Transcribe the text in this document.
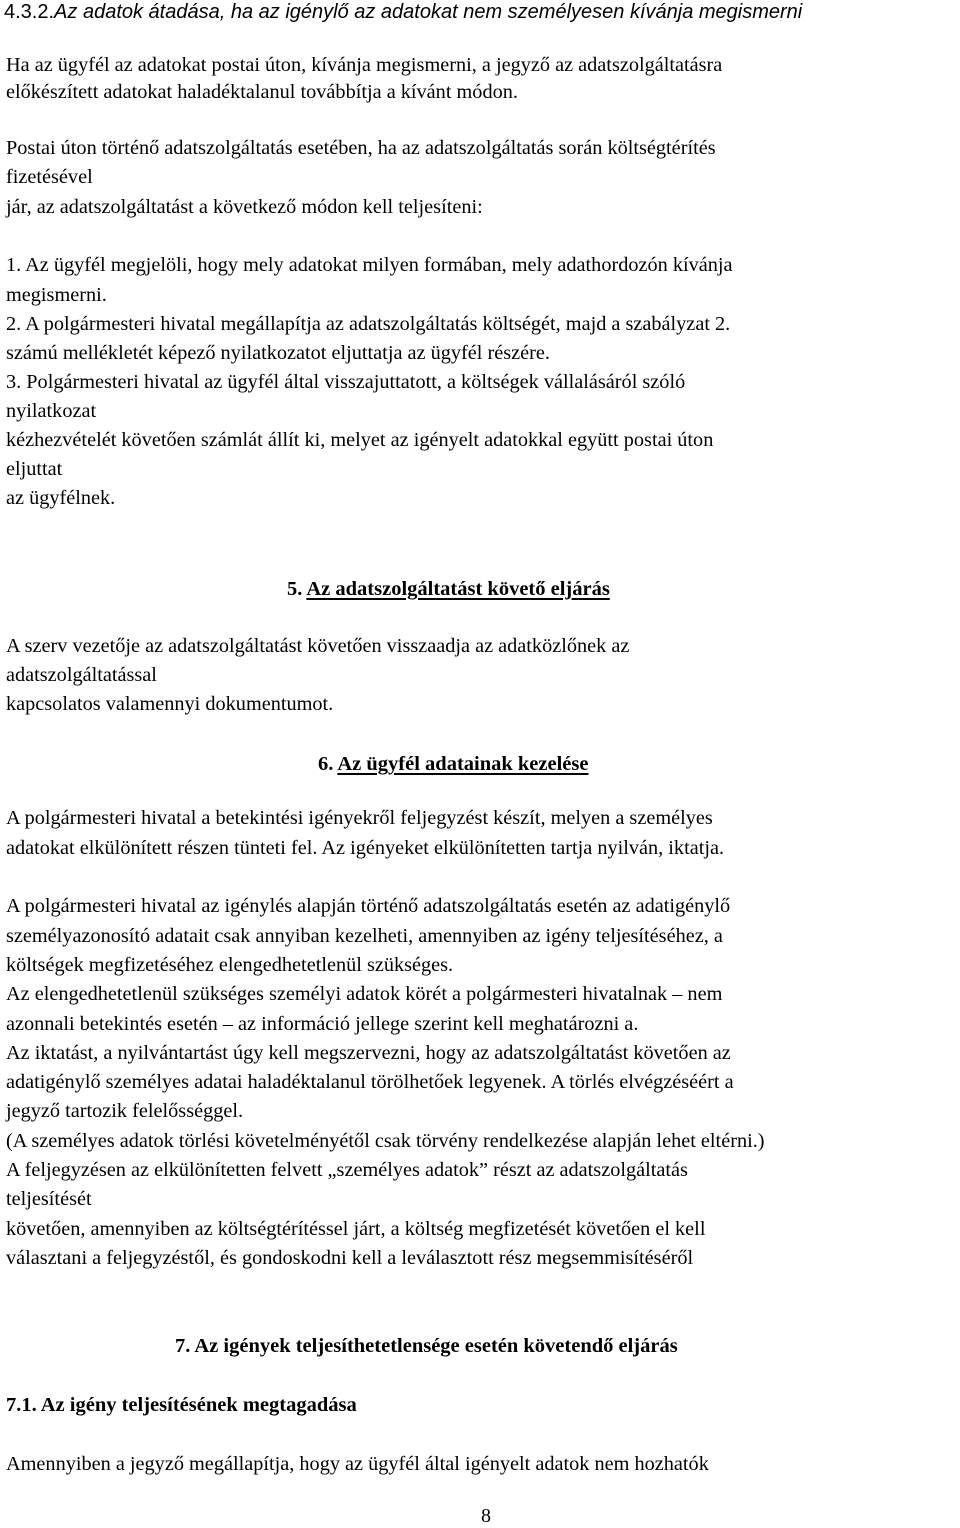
4.3.2.Az adatok átadása, ha az igénylő az adatokat nem személyesen kívánja megismerni
Ha az ügyfél az adatokat postai úton, kívánja megismerni, a jegyző az adatszolgáltatásra
előkészített adatokat haladéktalanul továbbítja a kívánt módon.
Postai úton történő adatszolgáltatás esetében, ha az adatszolgáltatás során költségtérítés
fizetésével
jár, az adatszolgáltatást a következő módon kell teljesíteni:
1. Az ügyfél megjelöli, hogy mely adatokat milyen formában, mely adathordozón kívánja
megismerni.
2. A polgármesteri hivatal megállapítja az adatszolgáltatás költségét, majd a szabályzat 2.
számú mellékletét képező nyilatkozatot eljuttatja az ügyfél részére.
3. Polgármesteri hivatal az ügyfél által visszajuttatott, a költségek vállalásáról szóló
nyilatkozat
kézhezvételét követően számlát állít ki, melyet az igényelt adatokkal együtt postai úton
eljuttat
az ügyfélnek.
5. Az adatszolgáltatást követő eljárás
A szerv vezetője az adatszolgáltatást követően visszaadja az adatközlőnek az
adatszolgáltatással
kapcsolatos valamennyi dokumentumot.
6. Az ügyfél adatainak kezelése
A polgármesteri hivatal a betekintési igényekről feljegyzést készít, melyen a személyes
adatokat elkülönített részen tünteti fel. Az igényeket elkülönítetten tartja nyilván, iktatja.
A polgármesteri hivatal az igénylés alapján történő adatszolgáltatás esetén az adatigénylő
személyazonosító adatait csak annyiban kezelheti, amennyiben az igény teljesítéséhez, a
költségek megfizetéséhez elengedhetetlenül szükséges.
Az elengedhetetlenül szükséges személyi adatok körét a polgármesteri hivatalnak – nem
azonnali betekintés esetén – az információ jellege szerint kell meghatározni a.
Az iktatást, a nyilvántartást úgy kell megszervezni, hogy az adatszolgáltatást követően az
adatigénylő személyes adatai haladéktalanul törölhetőek legyenek. A törlés elvégzéséért a
jegyző tartozik felelősséggel.
(A személyes adatok törlési követelményétől csak törvény rendelkezése alapján lehet eltérni.)
A feljegyzésen az elkülönítetten felvett „személyes adatok” részt az adatszolgáltatás
teljesítését
követően, amennyiben az költségtérítéssel járt, a költség megfizetését követően el kell
választani a feljegyzéstől, és gondoskodni kell a leválasztott rész megsemmisítéséről
7. Az igények teljesíthetetlensége esetén követendő eljárás
7.1. Az igény teljesítésének megtagadása
Amennyiben a jegyző megállapítja, hogy az ügyfél által igényelt adatok nem hozhatók
8
